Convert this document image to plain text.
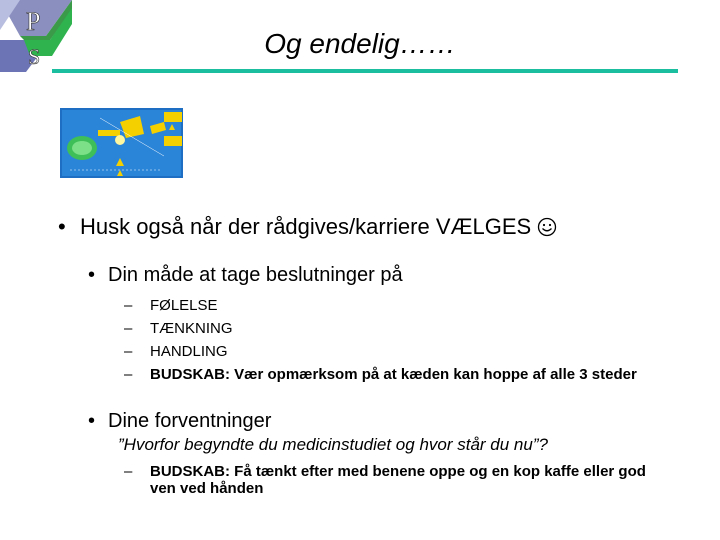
P
S	Og endelig……
• Husk også når der rådgives/karriere VÆLGES
• Din måde at tage beslutninger på
– FØLELSE
– TÆNKNING
– HANDLING
– BUDSKAB: Vær opmærksom på at kæden kan hoppe af alle 3 steder
• Dine forventninger
”Hvorfor begyndte du medicinstudiet og hvor står du nu”?
– BUDSKAB: Få tænkt efter med benene oppe og en kop kaffe eller god
ven ved hånden
